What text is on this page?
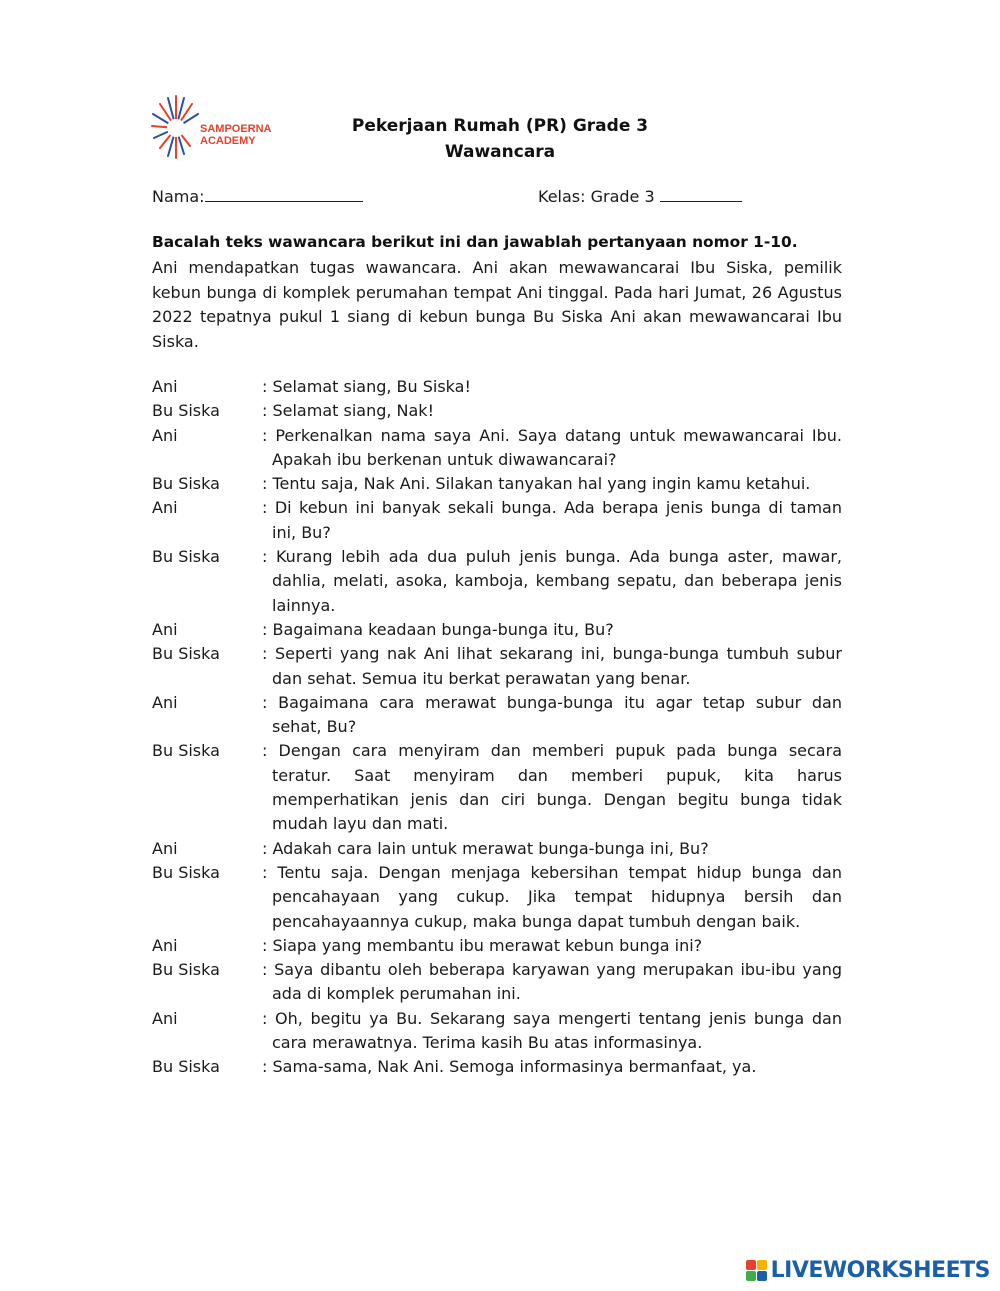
SAMPOERNA
ACADEMY
Pekerjaan Rumah (PR) Grade 3
Wawancara
Nama:	Kelas: Grade 3
Bacalah teks wawancara berikut ini dan jawablah pertanyaan nomor 1-10.
Ani mendapatkan tugas wawancara. Ani akan mewawancarai Ibu Siska, pemilik kebun bunga di komplek perumahan tempat Ani tinggal. Pada hari Jumat, 26 Agustus 2022 tepatnya pukul 1 siang di kebun bunga Bu Siska Ani akan mewawancarai Ibu Siska.
Ani	: Selamat siang, Bu Siska!
Bu Siska	: Selamat siang, Nak!
Ani	: Perkenalkan nama saya Ani. Saya datang untuk mewawancarai Ibu. Apakah ibu berkenan untuk diwawancarai?
Bu Siska	: Tentu saja, Nak Ani. Silakan tanyakan hal yang ingin kamu ketahui.
Ani	: Di kebun ini banyak sekali bunga. Ada berapa jenis bunga di taman ini, Bu?
Bu Siska	: Kurang lebih ada dua puluh jenis bunga. Ada bunga aster, mawar, dahlia, melati, asoka, kamboja, kembang sepatu, dan beberapa jenis lainnya.
Ani	: Bagaimana keadaan bunga-bunga itu, Bu?
Bu Siska	: Seperti yang nak Ani lihat sekarang ini, bunga-bunga tumbuh subur dan sehat. Semua itu berkat perawatan yang benar.
Ani	: Bagaimana cara merawat bunga-bunga itu agar tetap subur dan sehat, Bu?
Bu Siska	: Dengan cara menyiram dan memberi pupuk pada bunga secara teratur. Saat menyiram dan memberi pupuk, kita harus memperhatikan jenis dan ciri bunga. Dengan begitu bunga tidak mudah layu dan mati.
Ani	: Adakah cara lain untuk merawat bunga-bunga ini, Bu?
Bu Siska	: Tentu saja. Dengan menjaga kebersihan tempat hidup bunga dan pencahayaan yang cukup. Jika tempat hidupnya bersih dan pencahayaannya cukup, maka bunga dapat tumbuh dengan baik.
Ani	: Siapa yang membantu ibu merawat kebun bunga ini?
Bu Siska	: Saya dibantu oleh beberapa karyawan yang merupakan ibu-ibu yang ada di komplek perumahan ini.
Ani	: Oh, begitu ya Bu. Sekarang saya mengerti tentang jenis bunga dan cara merawatnya. Terima kasih Bu atas informasinya.
Bu Siska	: Sama-sama, Nak Ani. Semoga informasinya bermanfaat, ya.
LIVEWORKSHEETS
